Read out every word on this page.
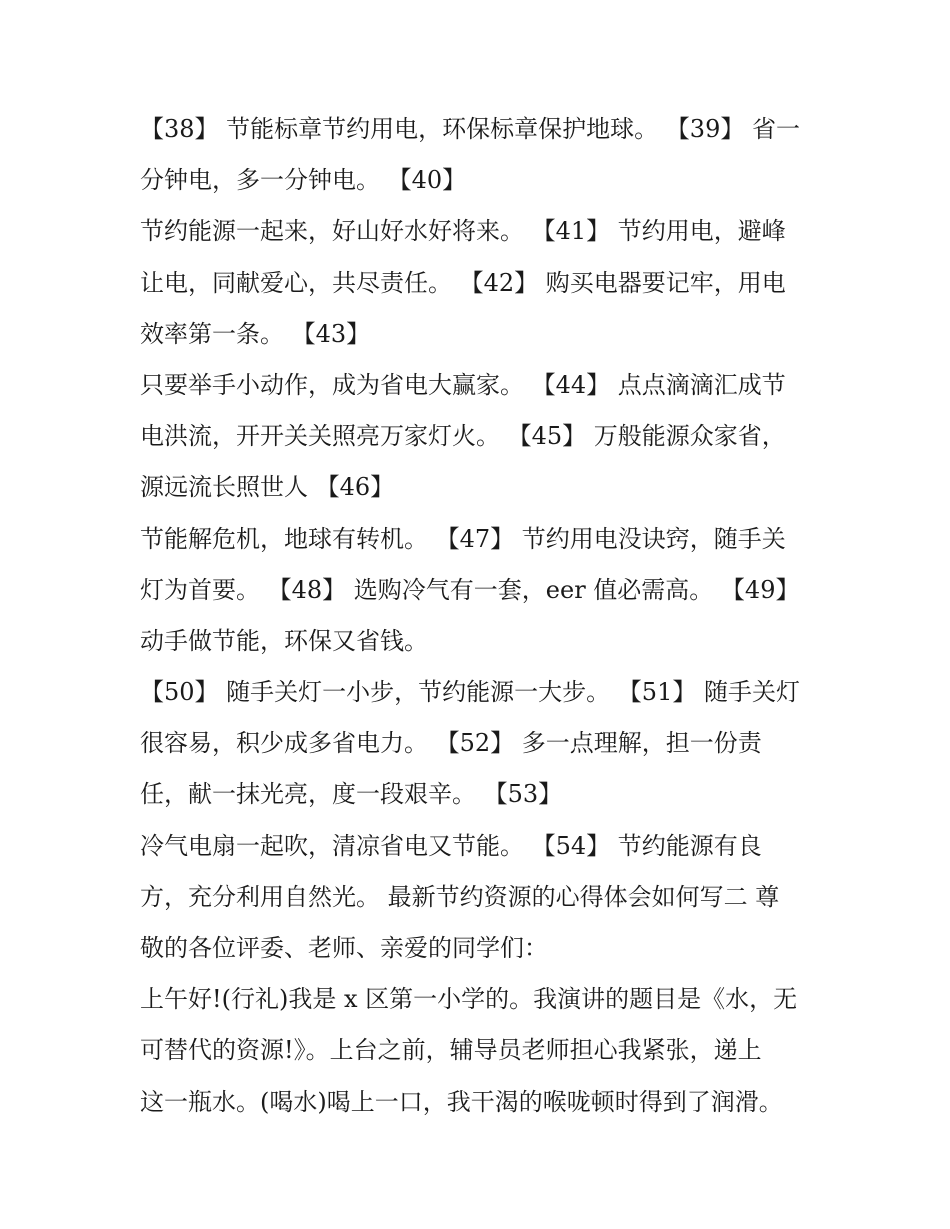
【38】 节能标章节约用电，环保标章保护地球。 【39】 省一
分钟电，多一分钟电。 【40】
节约能源一起来，好山好水好将来。 【41】 节约用电，避峰
让电，同献爱心，共尽责任。 【42】 购买电器要记牢，用电
效率第一条。 【43】
只要举手小动作，成为省电大赢家。 【44】 点点滴滴汇成节
电洪流，开开关关照亮万家灯火。 【45】 万般能源众家省，
源远流长照世人 【46】
节能解危机，地球有转机。 【47】 节约用电没诀窍，随手关
灯为首要。 【48】 选购冷气有一套，eer 值必需高。 【49】
动手做节能，环保又省钱。
【50】 随手关灯一小步，节约能源一大步。 【51】 随手关灯
很容易，积少成多省电力。 【52】 多一点理解，担一份责
任，献一抹光亮，度一段艰辛。 【53】
冷气电扇一起吹，清凉省电又节能。 【54】 节约能源有良
方，充分利用自然光。 最新节约资源的心得体会如何写二 尊
敬的各位评委、老师、亲爱的同学们：
上午好!(行礼)我是 x 区第一小学的。我演讲的题目是《水，无
可替代的资源!》。上台之前，辅导员老师担心我紧张，递上
这一瓶水。(喝水)喝上一口，我干渴的喉咙顿时得到了润滑。
